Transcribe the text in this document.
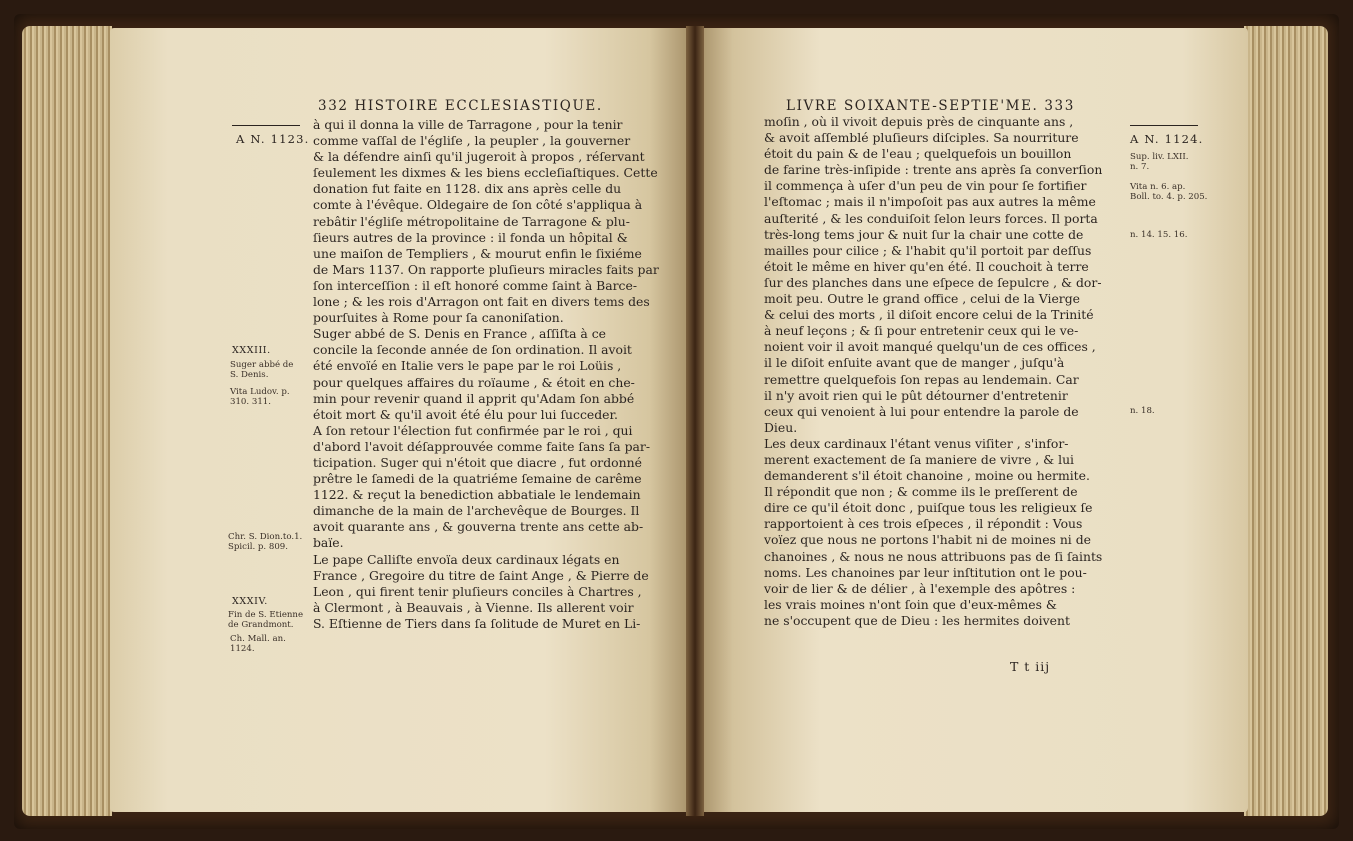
332 HISTOIRE ECCLESIASTIQUE.
A N. 1123.
à qui il donna la ville de Tarragone , pour la tenir
comme vaſſal de l'égliſe , la peupler , la gouverner
& la défendre ainſi qu'il jugeroit à propos , réſervant
ſeulement les dixmes & les biens eccleſiaſtiques. Cette
donation fut faite en 1128. dix ans après celle du
comte à l'évêque. Oldegaire de ſon côté s'appliqua à
rebâtir l'égliſe métropolitaine de Tarragone & plu-
ſieurs autres de la province : il fonda un hôpital &
une maiſon de Templiers , & mourut enfin le ſixiéme
de Mars 1137. On rapporte pluſieurs miracles faits par
ſon interceſſion : il eſt honoré comme ſaint à Barce-
lone ; & les rois d'Arragon ont fait en divers tems des
pourſuites à Rome pour ſa canoniſation.
Suger abbé de S. Denis en France , aſſiſta à ce
concile la ſeconde année de ſon ordination. Il avoit
été envoïé en Italie vers le pape par le roi Loüis ,
pour quelques affaires du roïaume , & étoit en che-
min pour revenir quand il apprit qu'Adam ſon abbé
étoit mort & qu'il avoit été élu pour lui ſucceder.
A ſon retour l'élection fut confirmée par le roi , qui
d'abord l'avoit déſapprouvée comme faite ſans ſa par-
ticipation. Suger qui n'étoit que diacre , fut ordonné
prêtre le ſamedi de la quatriéme ſemaine de carême
1122. & reçut la benediction abbatiale le lendemain
dimanche de la main de l'archevêque de Bourges. Il
avoit quarante ans , & gouverna trente ans cette ab-
baïe.
Le pape Calliſte envoïa deux cardinaux légats en
France , Gregoire du titre de ſaint Ange , & Pierre de
Leon , qui firent tenir pluſieurs conciles à Chartres ,
à Clermont , à Beauvais , à Vienne. Ils allerent voir
S. Eſtienne de Tiers dans ſa ſolitude de Muret en Li-
XXXIII.
Suger abbé de
S. Denis.
Vita Ludov. p.
310. 311.
Chr. S. Dion.to.1.
Spicil. p. 809.
XXXIV.
Fin de S. Etienne
de Grandmont.
Ch. Mall. an.
1124.
LIVRE SOIXANTE-SEPTIE'ME. 333
A N. 1124.
moſin , où il vivoit depuis près de cinquante ans ,
& avoit aſſemblé pluſieurs diſciples. Sa nourriture
étoit du pain & de l'eau ; quelquefois un bouillon
de farine très-inſipide : trente ans après ſa converſion
il commença à uſer d'un peu de vin pour ſe fortifier
l'eſtomac ; mais il n'impoſoit pas aux autres la même
auſterité , & les conduiſoit ſelon leurs forces. Il porta
très-long tems jour & nuit ſur la chair une cotte de
mailles pour cilice ; & l'habit qu'il portoit par deſſus
étoit le même en hiver qu'en été. Il couchoit à terre
ſur des planches dans une eſpece de ſepulcre , & dor-
moit peu. Outre le grand office , celui de la Vierge
& celui des morts , il diſoit encore celui de la Trinité
à neuf leçons ; & ſi pour entretenir ceux qui le ve-
noient voir il avoit manqué quelqu'un de ces offices ,
il le diſoit enſuite avant que de manger , juſqu'à
remettre quelquefois ſon repas au lendemain. Car
il n'y avoit rien qui le pût détourner d'entretenir
ceux qui venoient à lui pour entendre la parole de
Dieu.
Les deux cardinaux l'étant venus viſiter , s'infor-
merent exactement de ſa maniere de vivre , & lui
demanderent s'il étoit chanoine , moine ou hermite.
Il répondit que non ; & comme ils le preſſerent de
dire ce qu'il étoit donc , puiſque tous les religieux ſe
rapportoient à ces trois eſpeces , il répondit : Vous
voïez que nous ne portons l'habit ni de moines ni de
chanoines , & nous ne nous attribuons pas de ſi ſaints
noms. Les chanoines par leur inſtitution ont le pou-
voir de lier & de délier , à l'exemple des apôtres :
les vrais moines n'ont ſoin que d'eux-mêmes &
ne s'occupent que de Dieu : les hermites doivent
Sup. liv. LXII.
n. 7.
Vita n. 6. ap.
Boll. to. 4. p. 205.
n. 14. 15. 16.
n. 18.
T t iij
